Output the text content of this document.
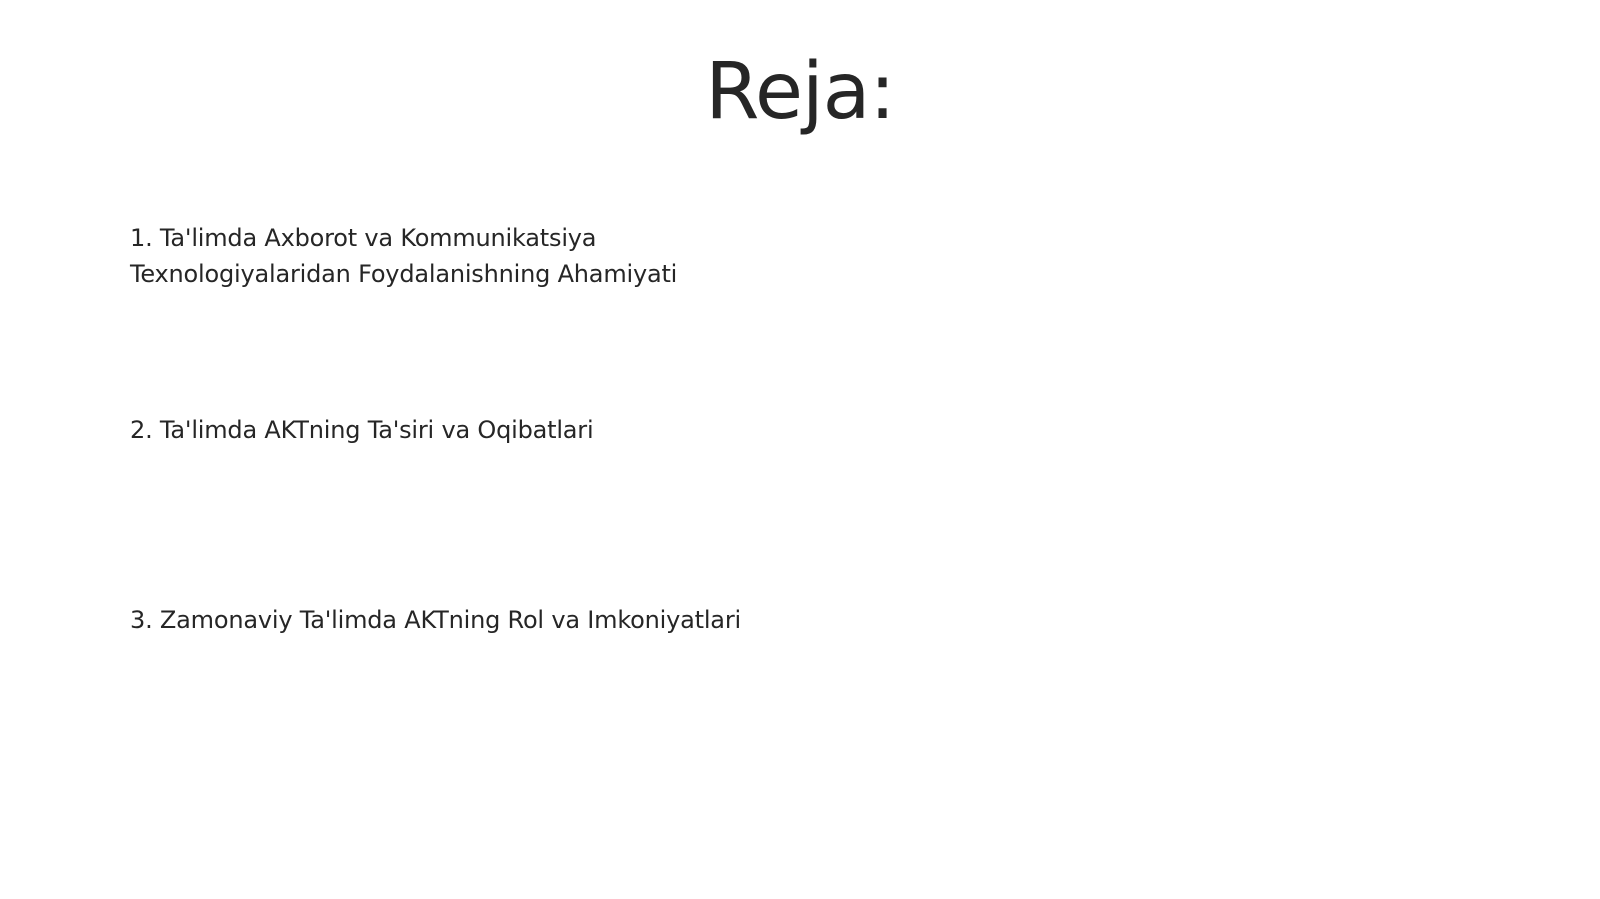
Reja:

1. Ta'limda Axborot va Kommunikatsiya Texnologiyalaridan Foydalanishning Ahamiyati

2. Ta'limda AKTning Ta'siri va Oqibatlari

3. Zamonaviy Ta'limda AKTning Rol va Imkoniyatlari
